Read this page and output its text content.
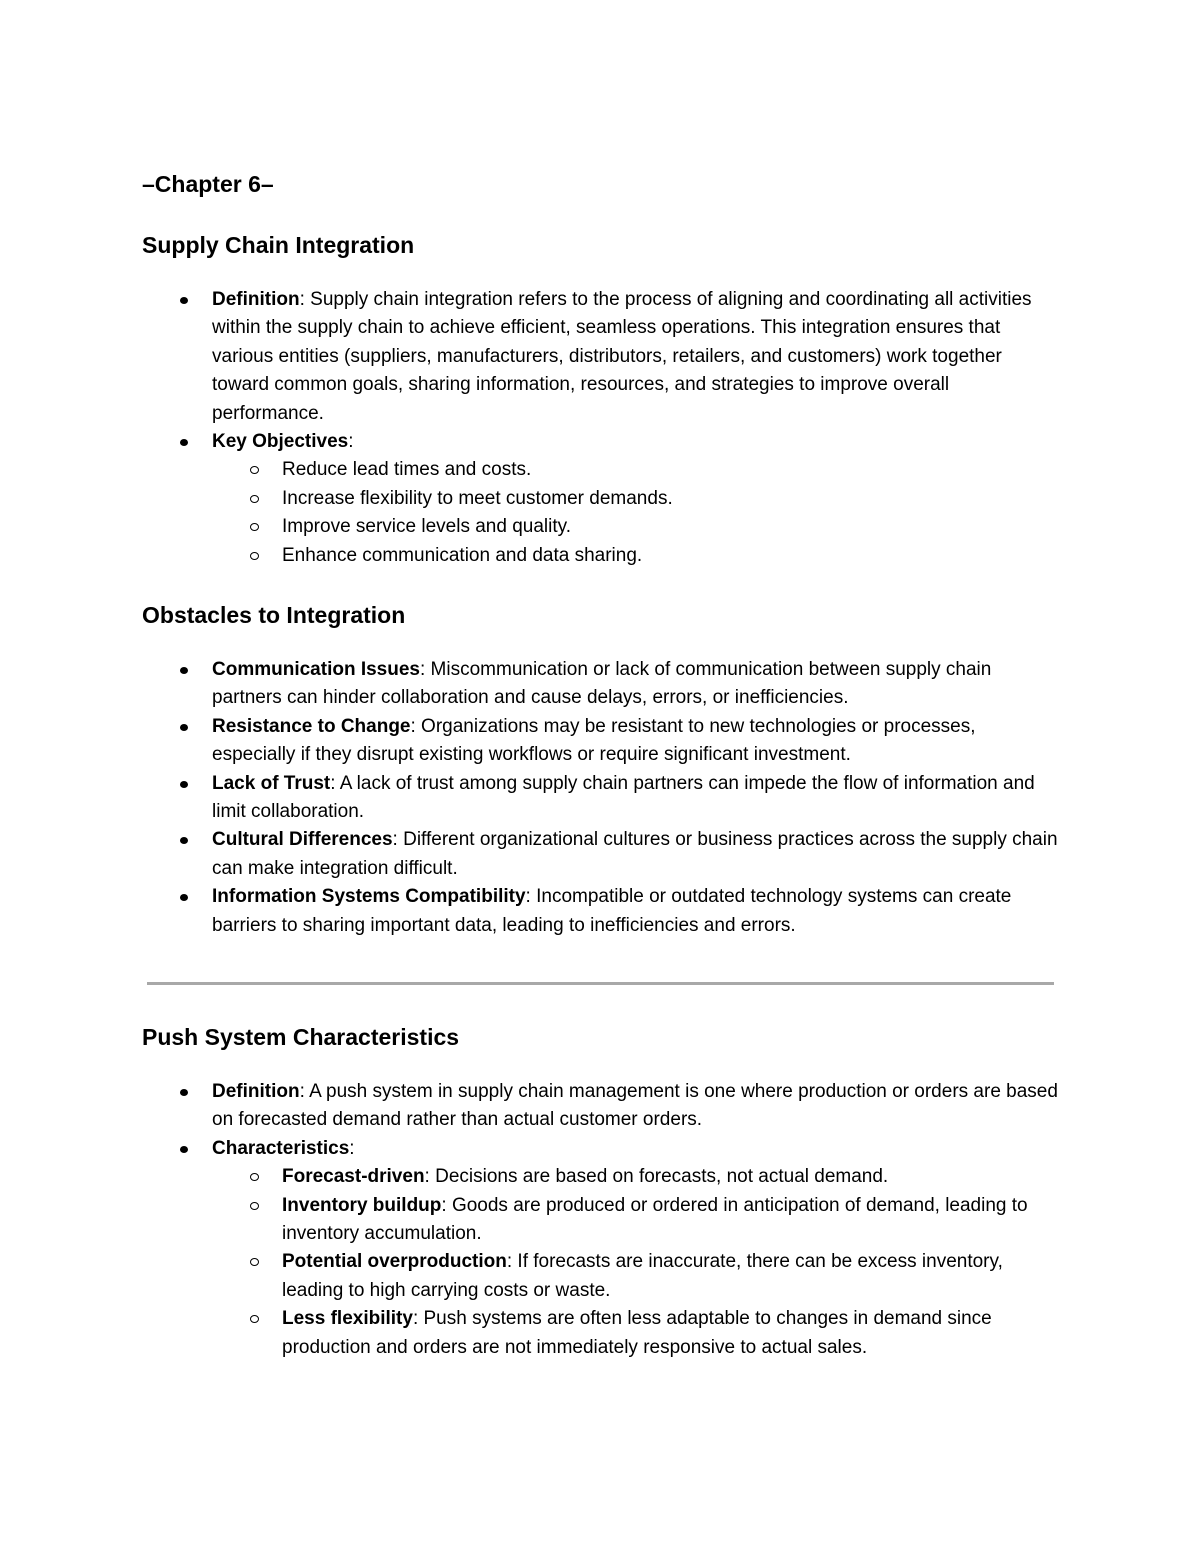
–Chapter 6–
Supply Chain Integration
Definition: Supply chain integration refers to the process of aligning and coordinating all activities within the supply chain to achieve efficient, seamless operations. This integration ensures that various entities (suppliers, manufacturers, distributors, retailers, and customers) work together toward common goals, sharing information, resources, and strategies to improve overall performance.
Key Objectives:
Reduce lead times and costs.
Increase flexibility to meet customer demands.
Improve service levels and quality.
Enhance communication and data sharing.
Obstacles to Integration
Communication Issues: Miscommunication or lack of communication between supply chain partners can hinder collaboration and cause delays, errors, or inefficiencies.
Resistance to Change: Organizations may be resistant to new technologies or processes, especially if they disrupt existing workflows or require significant investment.
Lack of Trust: A lack of trust among supply chain partners can impede the flow of information and limit collaboration.
Cultural Differences: Different organizational cultures or business practices across the supply chain can make integration difficult.
Information Systems Compatibility: Incompatible or outdated technology systems can create barriers to sharing important data, leading to inefficiencies and errors.
Push System Characteristics
Definition: A push system in supply chain management is one where production or orders are based on forecasted demand rather than actual customer orders.
Characteristics:
Forecast-driven: Decisions are based on forecasts, not actual demand.
Inventory buildup: Goods are produced or ordered in anticipation of demand, leading to inventory accumulation.
Potential overproduction: If forecasts are inaccurate, there can be excess inventory, leading to high carrying costs or waste.
Less flexibility: Push systems are often less adaptable to changes in demand since production and orders are not immediately responsive to actual sales.
